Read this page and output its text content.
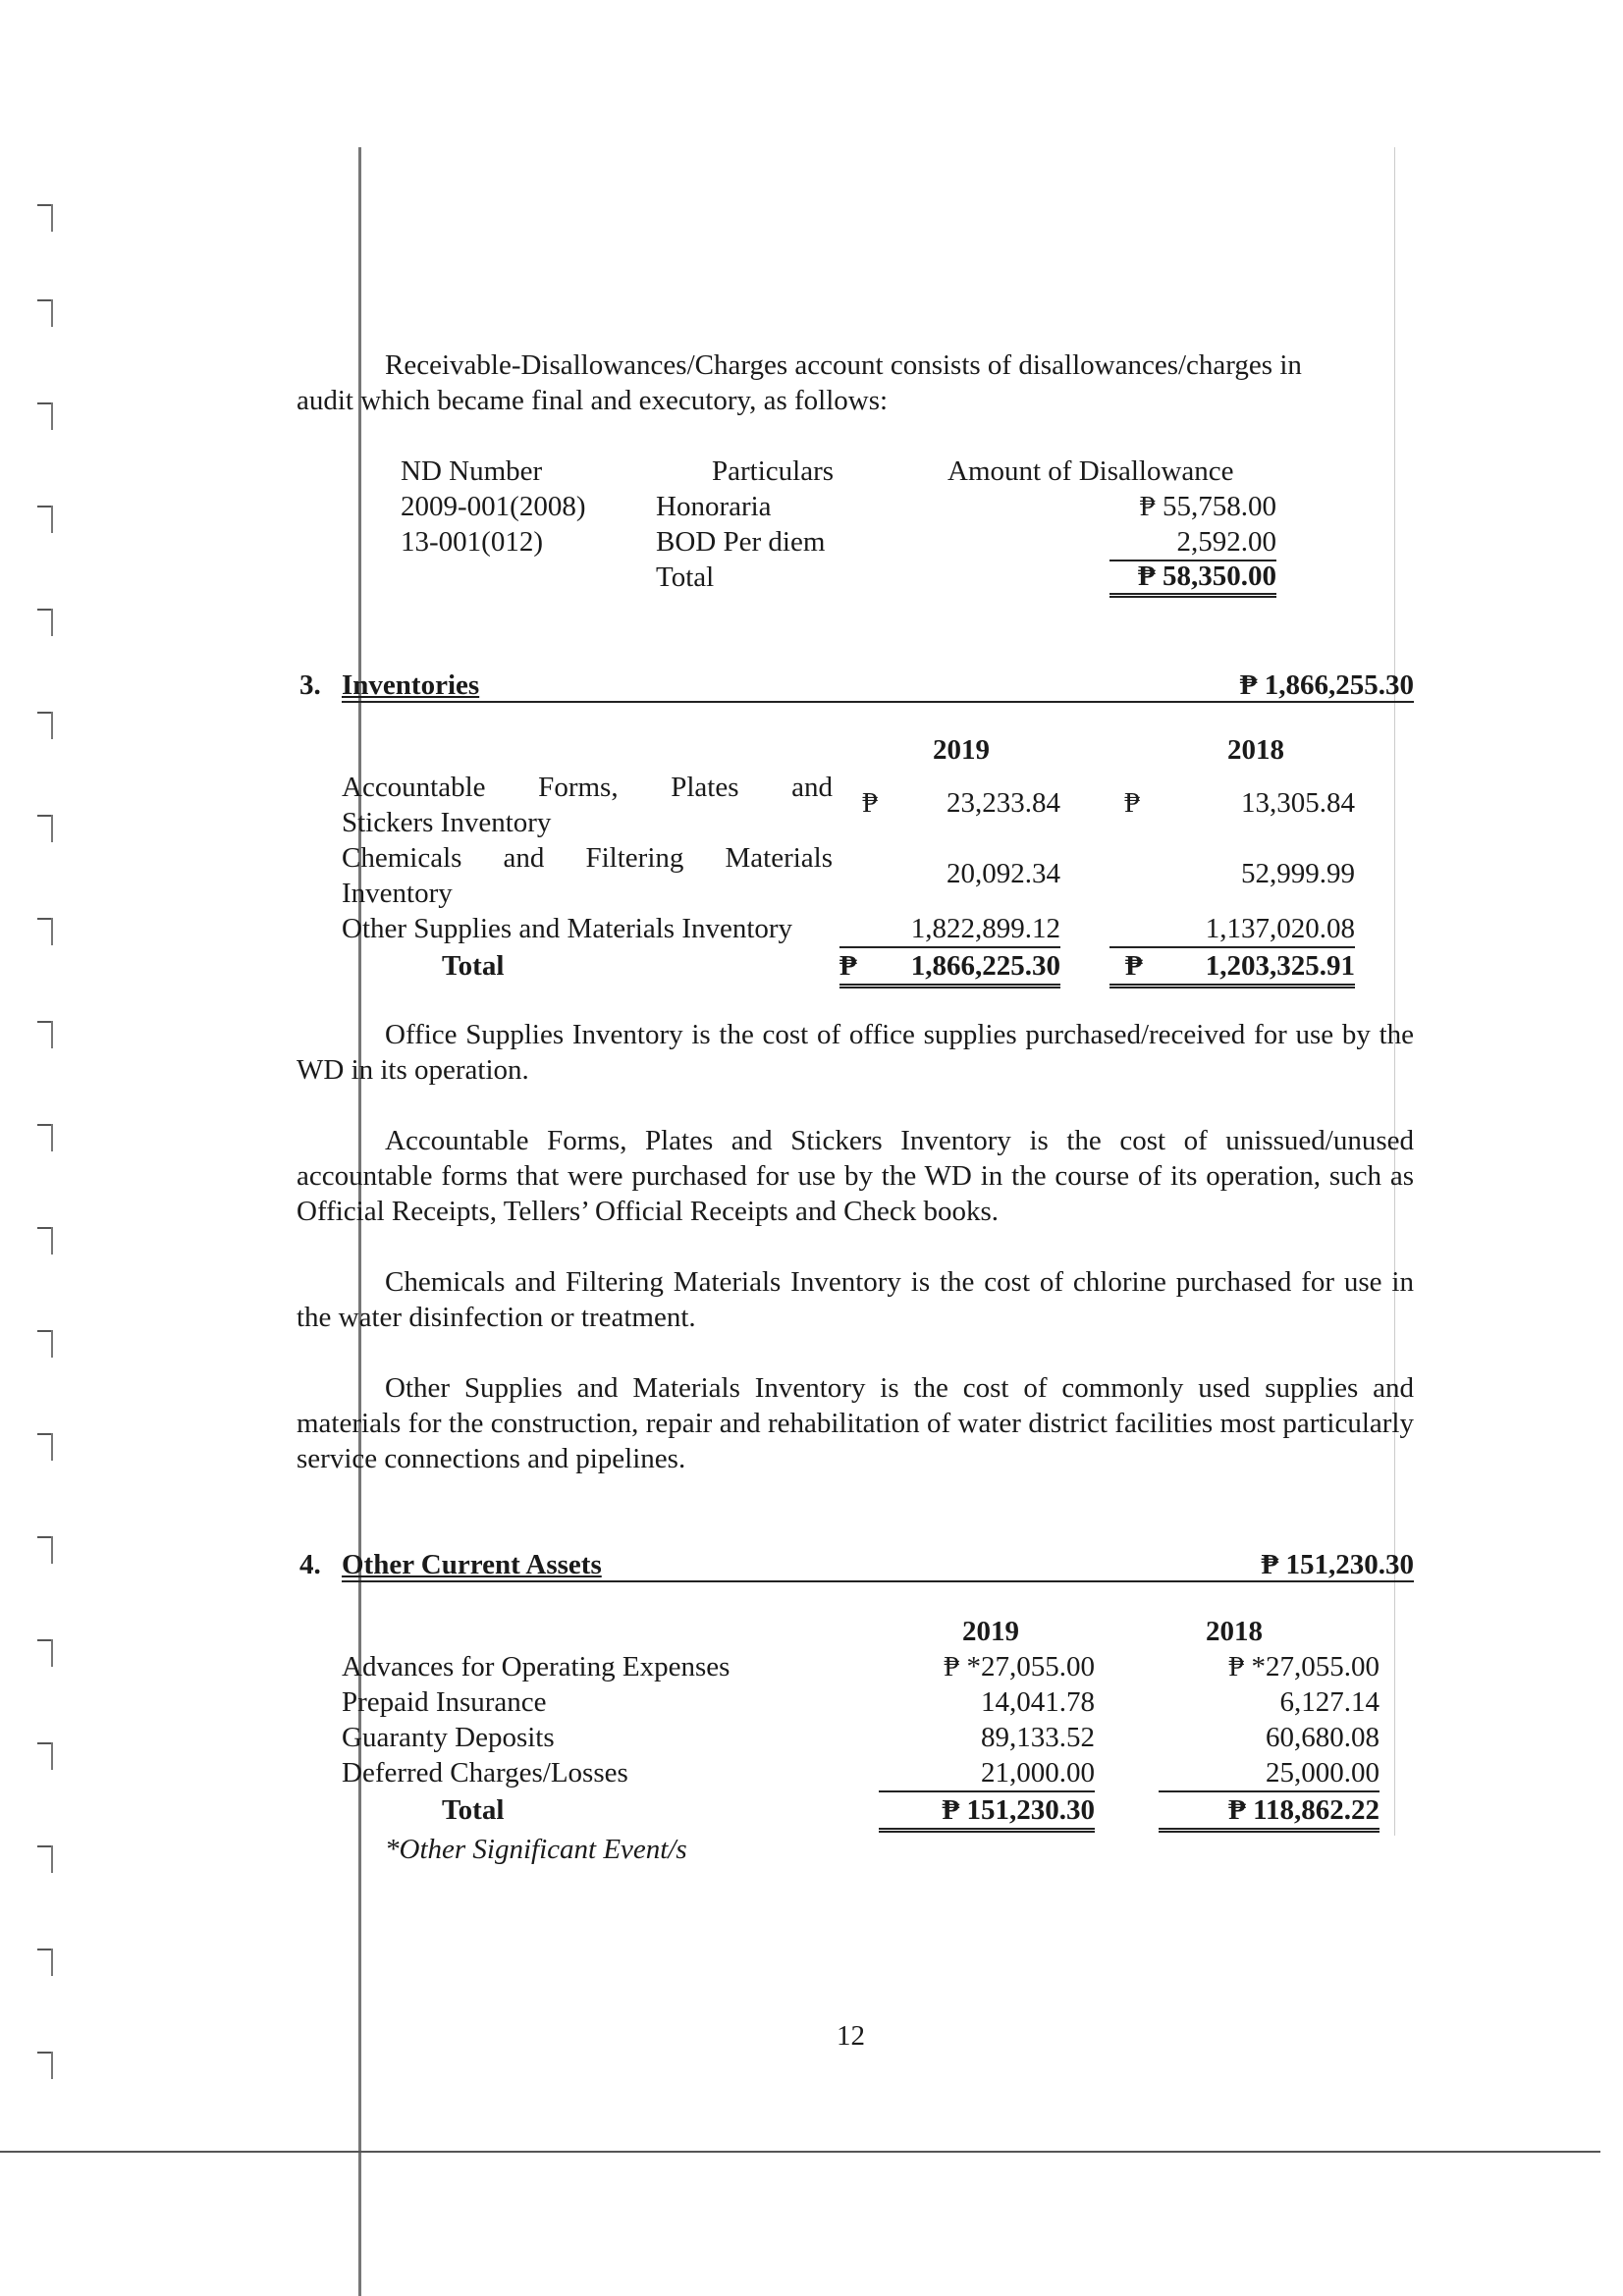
Receivable-Disallowances/Charges account consists of disallowances/charges in
audit which became final and executory, as follows:
ND Number	Particulars	Amount of Disallowance
2009-001(2008) Honoraria	₱ 55,758.00
13-001(012)	BOD Per diem	2,592.00
Total	₱ 58,350.00
3. Inventories	₱ 1,866,255.30
2019	2018
Accountable Forms, Plates and
Stickers Inventory
₱	23,233.84 ₱	13,305.84
Chemicals and Filtering Materials
Inventory
20,092.34	52,999.99
Other Supplies and Materials Inventory	1,822,899.12	1,137,020.08
Total	₱ 1,866,225.30	₱ 1,203,325.91
Office Supplies Inventory is the cost of office supplies purchased/received for use by the WD in its operation.
Accountable Forms, Plates and Stickers Inventory is the cost of unissued/unused accountable forms that were purchased for use by the WD in the course of its operation, such as Official Receipts, Tellers’ Official Receipts and Check books.
Chemicals and Filtering Materials Inventory is the cost of chlorine purchased for use in the water disinfection or treatment.
Other Supplies and Materials Inventory is the cost of commonly used supplies and materials for the construction, repair and rehabilitation of water district facilities most particularly service connections and pipelines.
4. Other Current Assets	₱ 151,230.30
2019	2018
Advances for Operating Expenses	₱ *27,055.00	₱ *27,055.00
Prepaid Insurance	14,041.78	6,127.14
Guaranty Deposits	89,133.52	60,680.08
Deferred Charges/Losses	21,000.00	25,000.00
Total	₱ 151,230.30	₱ 118,862.22
*Other Significant Event/s
12
